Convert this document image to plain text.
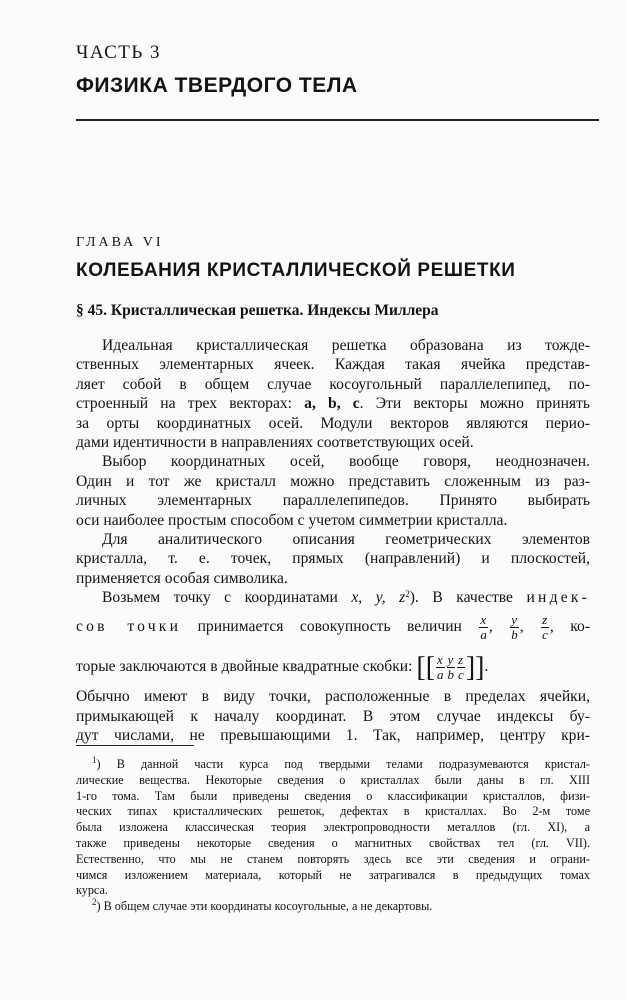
ЧАСТЬ 3
ФИЗИКА ТВЕРДОГО ТЕЛА
ГЛАВА VI
КОЛЕБАНИЯ КРИСТАЛЛИЧЕСКОЙ РЕШЕТКИ
§ 45. Кристаллическая решетка. Индексы Миллера
Идеальная кристаллическая решетка образована из тожде-
ственных элементарных ячеек. Каждая такая ячейка представ-
ляет собой в общем случае косоугольный параллелепипед, по-
строенный на трех векторах: a, b, c. Эти векторы можно принять
за орты координатных осей. Модули векторов являются перио-
дами идентичности в направлениях соответствующих осей.
Выбор координатных осей, вообще говоря, неоднозначен.
Один и тот же кристалл можно представить сложенным из раз-
личных элементарных параллелепипедов. Принято выбирать
оси наиболее простым способом с учетом симметрии кристалла.
Для аналитического описания геометрических элементов
кристалла, т. е. точек, прямых (направлений) и плоскостей,
применяется особая символика.
Возьмем точку с координатами x, y, $z^2$). В качестве индек-
сов точки принимается совокупность величин $\frac{x}{a}$ , $\frac{y}{b}$ , $\frac{z}{c}$ , ко-
торые заключаются в двойные квадратные скобки: [[ $\frac{x}{a} \frac{y}{b} \frac{z}{c}$ ]].
Обычно имеют в виду точки, расположенные в пределах ячейки,
примыкающей к началу координат. В этом случае индексы бу-
дут числами, не превышающими 1. Так, например, центру кри-
$^1$) В данной части курса под твердыми телами подразумеваются кристал-
лические вещества. Некоторые сведения о кристаллах были даны в гл. XIII
1-го тома. Там были приведены сведения о классификации кристаллов, физи-
ческих типах кристаллических решеток, дефектах в кристаллах. Во 2-м томе
была изложена классическая теория электропроводности металлов (гл. XI), а
также приведены некоторые сведения о магнитных свойствах тел (гл. VII).
Естественно, что мы не станем повторять здесь все эти сведения и ограни-
чимся изложением материала, который не затрагивался в предыдущих томах
курса.
$^2$) В общем случае эти координаты косоугольные, а не декартовы.
